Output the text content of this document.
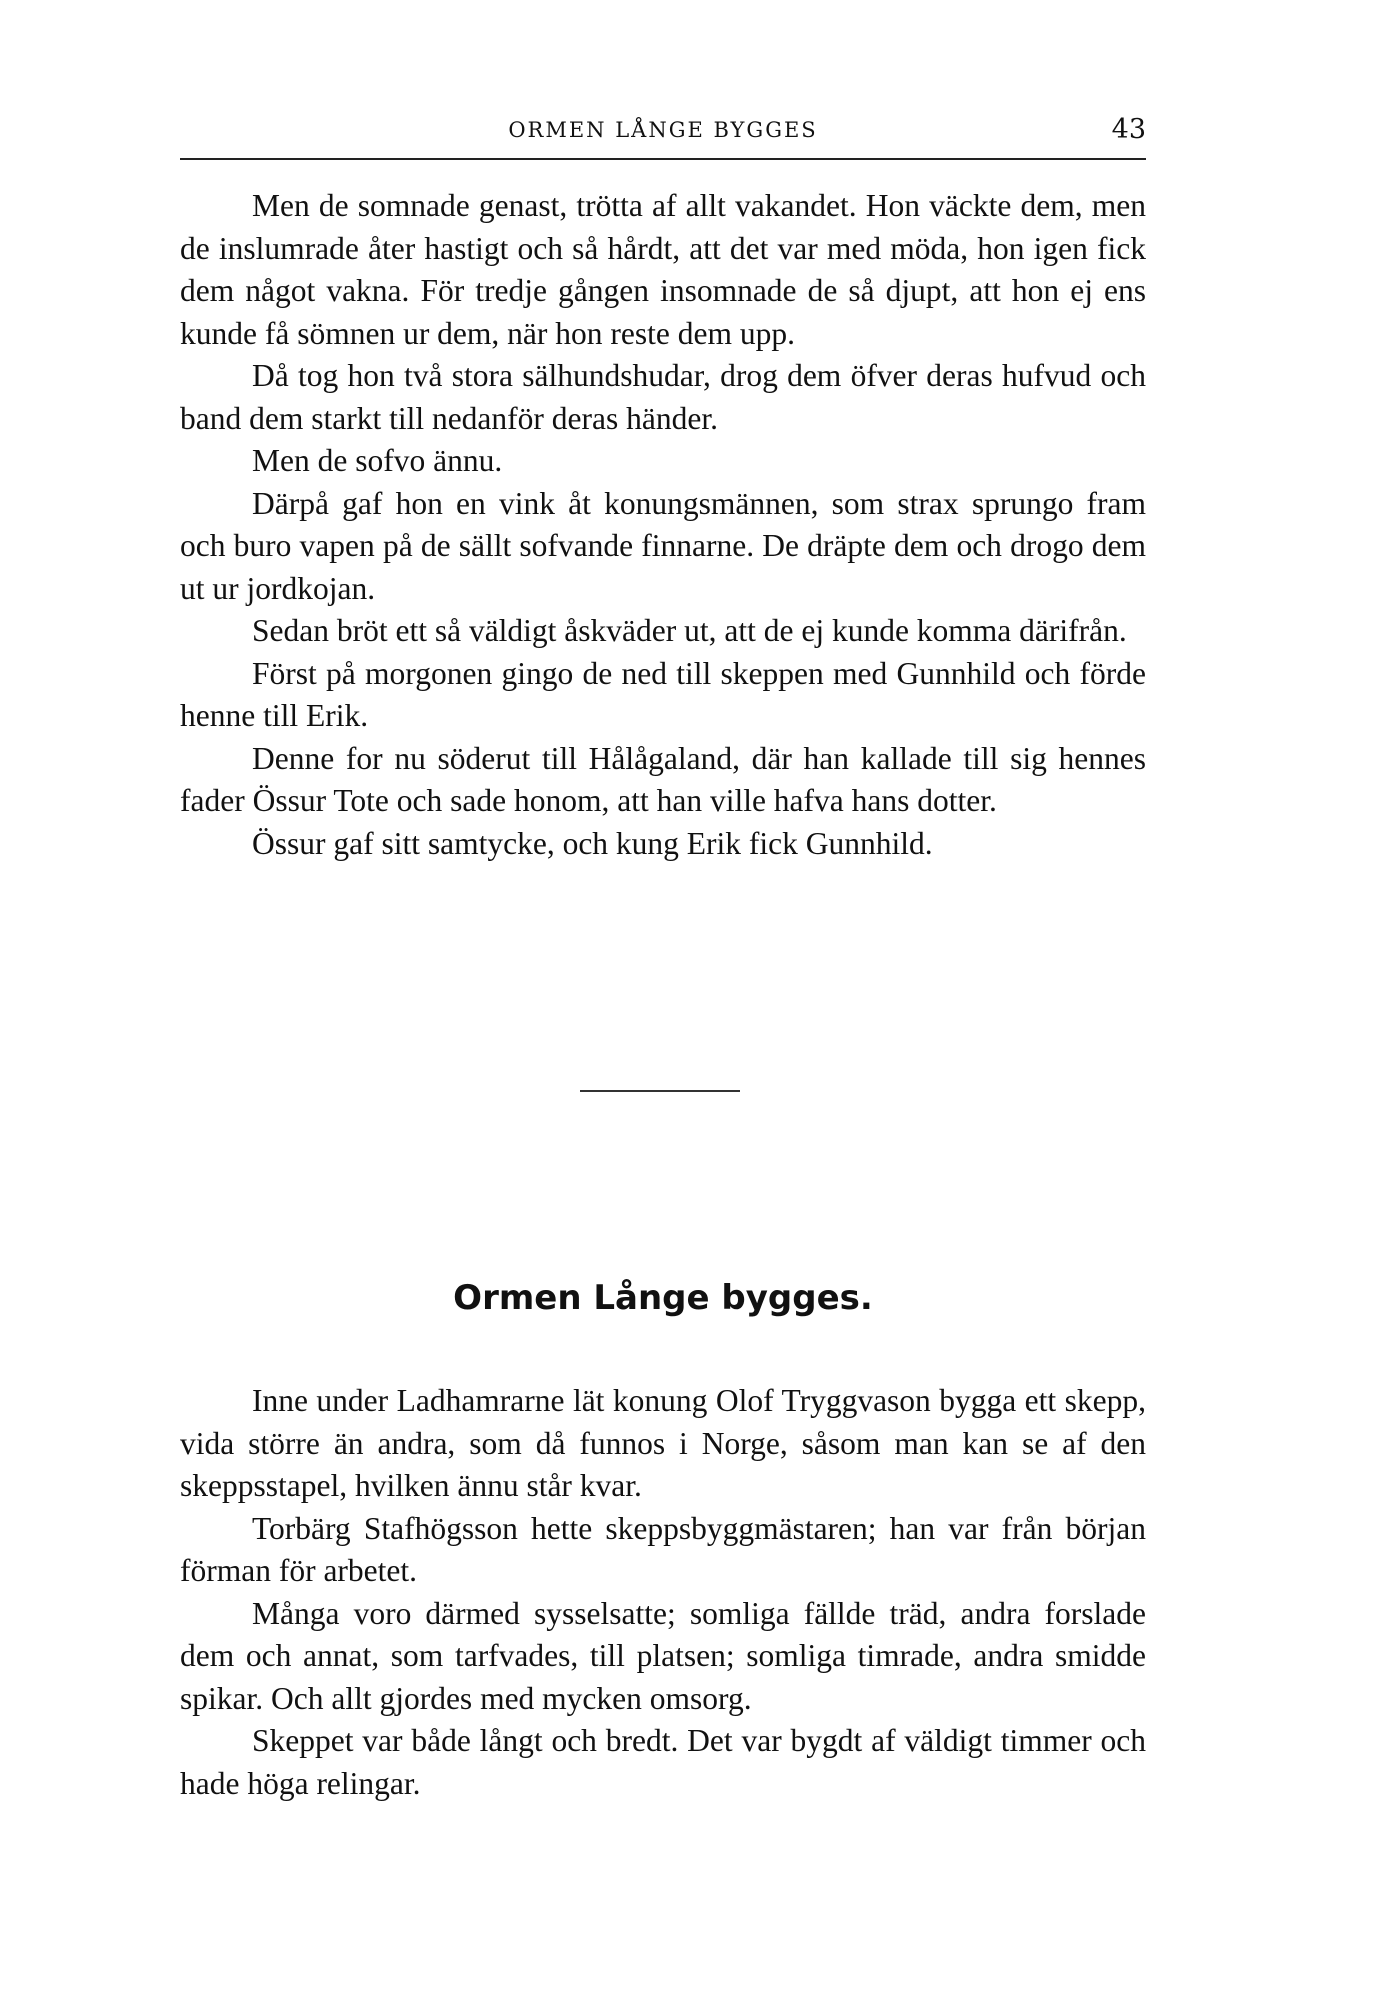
ORMEN LÅNGE BYGGES	43

Men de somnade genast, trötta af allt vakandet. Hon väckte dem, men de inslumrade åter hastigt och så hårdt, att det var med möda, hon igen fick dem något vakna. För tredje gången insomnade de så djupt, att hon ej ens kunde få sömnen ur dem, när hon reste dem upp.

Då tog hon två stora sälhundshudar, drog dem öfver deras hufvud och band dem starkt till nedanför deras händer.

Men de sofvo ännu.

Därpå gaf hon en vink åt konungsmännen, som strax sprungo fram och buro vapen på de sällt sofvande finnarne. De dräpte dem och drogo dem ut ur jordkojan.

Sedan bröt ett så väldigt åskväder ut, att de ej kunde komma därifrån.

Först på morgonen gingo de ned till skeppen med Gunnhild och förde henne till Erik.

Denne for nu söderut till Hålågaland, där han kallade till sig hennes fader Össur Tote och sade honom, att han ville hafva hans dotter.

Össur gaf sitt samtycke, och kung Erik fick Gunnhild.

Ormen Långe bygges.

Inne under Ladhamrarne lät konung Olof Tryggvason bygga ett skepp, vida större än andra, som då funnos i Norge, såsom man kan se af den skeppsstapel, hvilken ännu står kvar.

Torbärg Stafhögsson hette skeppsbyggmästaren; han var från början förman för arbetet.

Många voro därmed sysselsatte; somliga fällde träd, andra forslade dem och annat, som tarfvades, till platsen; somliga timrade, andra smidde spikar. Och allt gjordes med mycken omsorg.

Skeppet var både långt och bredt. Det var bygdt af väldigt timmer och hade höga relingar.
